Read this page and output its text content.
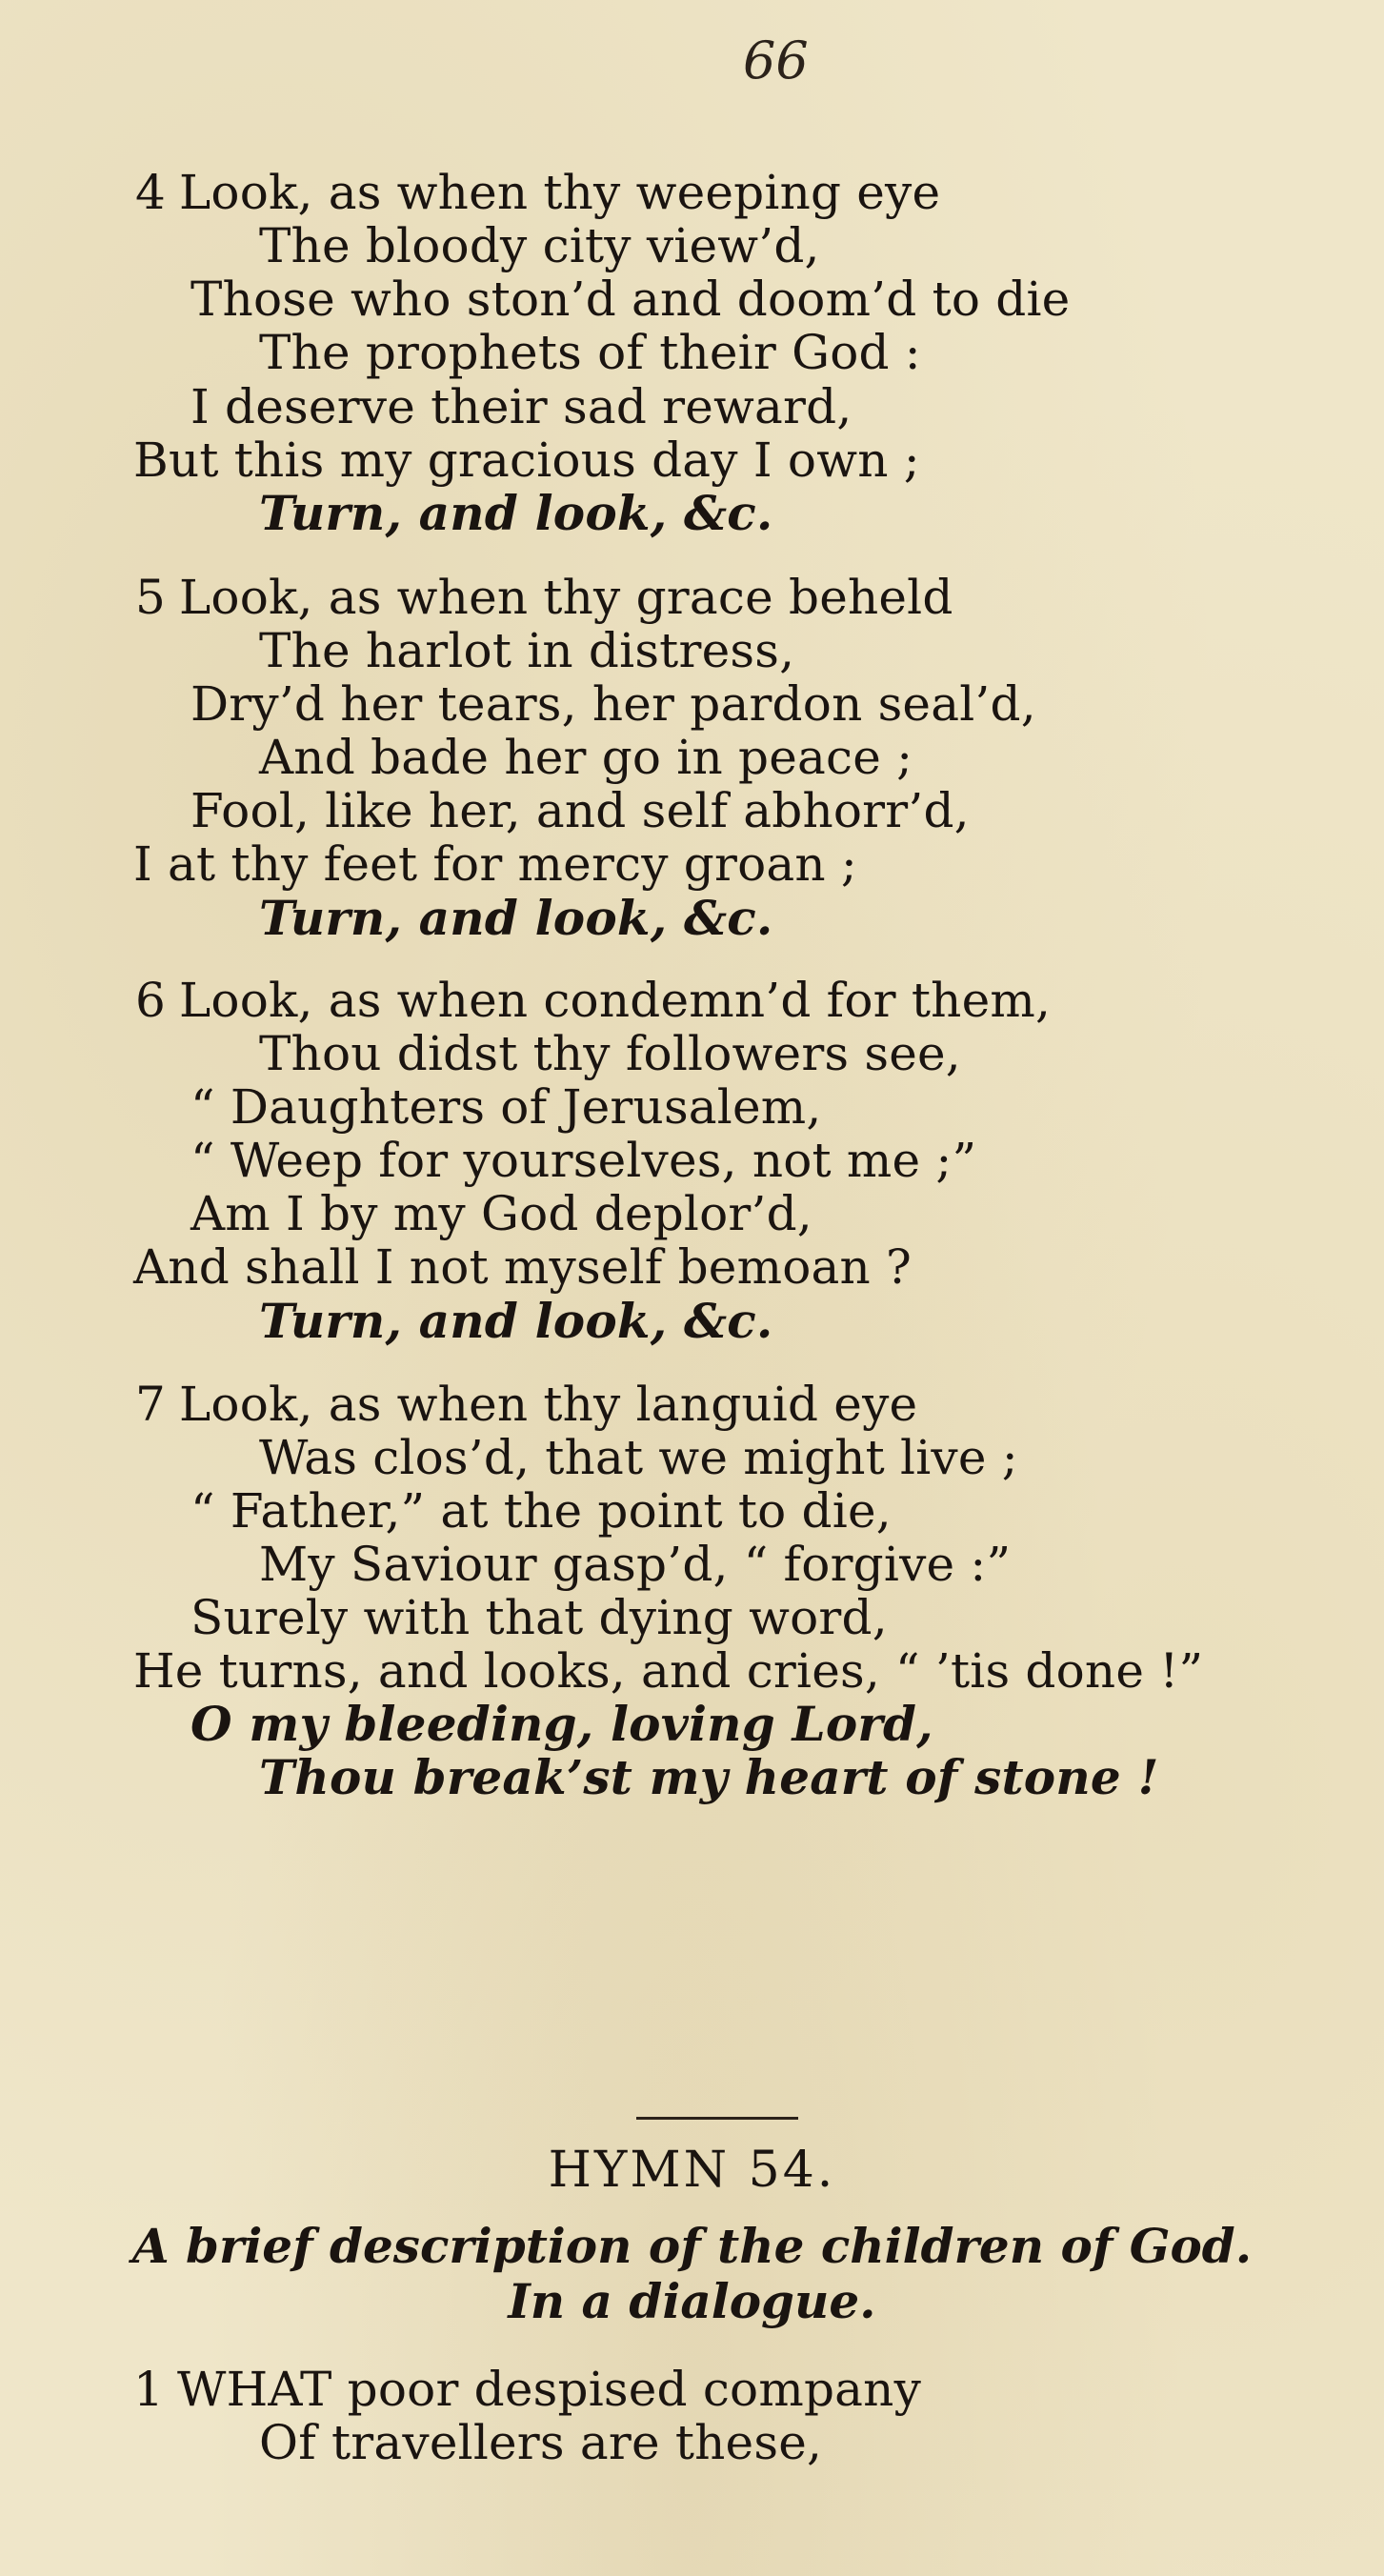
66
4 Look, as when thy weeping eye
The bloody city view’d,
Those who ston’d and doom’d to die
The prophets of their God :
I deserve their sad reward,
But this my gracious day I own ;
Turn, and look, &c.
5 Look, as when thy grace beheld
The harlot in distress,
Dry’d her tears, her pardon seal’d,
And bade her go in peace ;
Fool, like her, and self abhorr’d,
I at thy feet for mercy groan ;
Turn, and look, &c.
6 Look, as when condemn’d for them,
Thou didst thy followers see,
“ Daughters of Jerusalem,
“ Weep for yourselves, not me ;”
Am I by my God deplor’d,
And shall I not myself bemoan ?
Turn, and look, &c.
7 Look, as when thy languid eye
Was clos’d, that we might live ;
“ Father,” at the point to die,
My Saviour gasp’d, “ forgive :”
Surely with that dying word,
He turns, and looks, and cries, “ ’tis done !”
O my bleeding, loving Lord,
Thou break’st my heart of stone !
HYMN 54.
A brief description of the children of God.
In a dialogue.
1 WHAT poor despised company
Of travellers are these,
